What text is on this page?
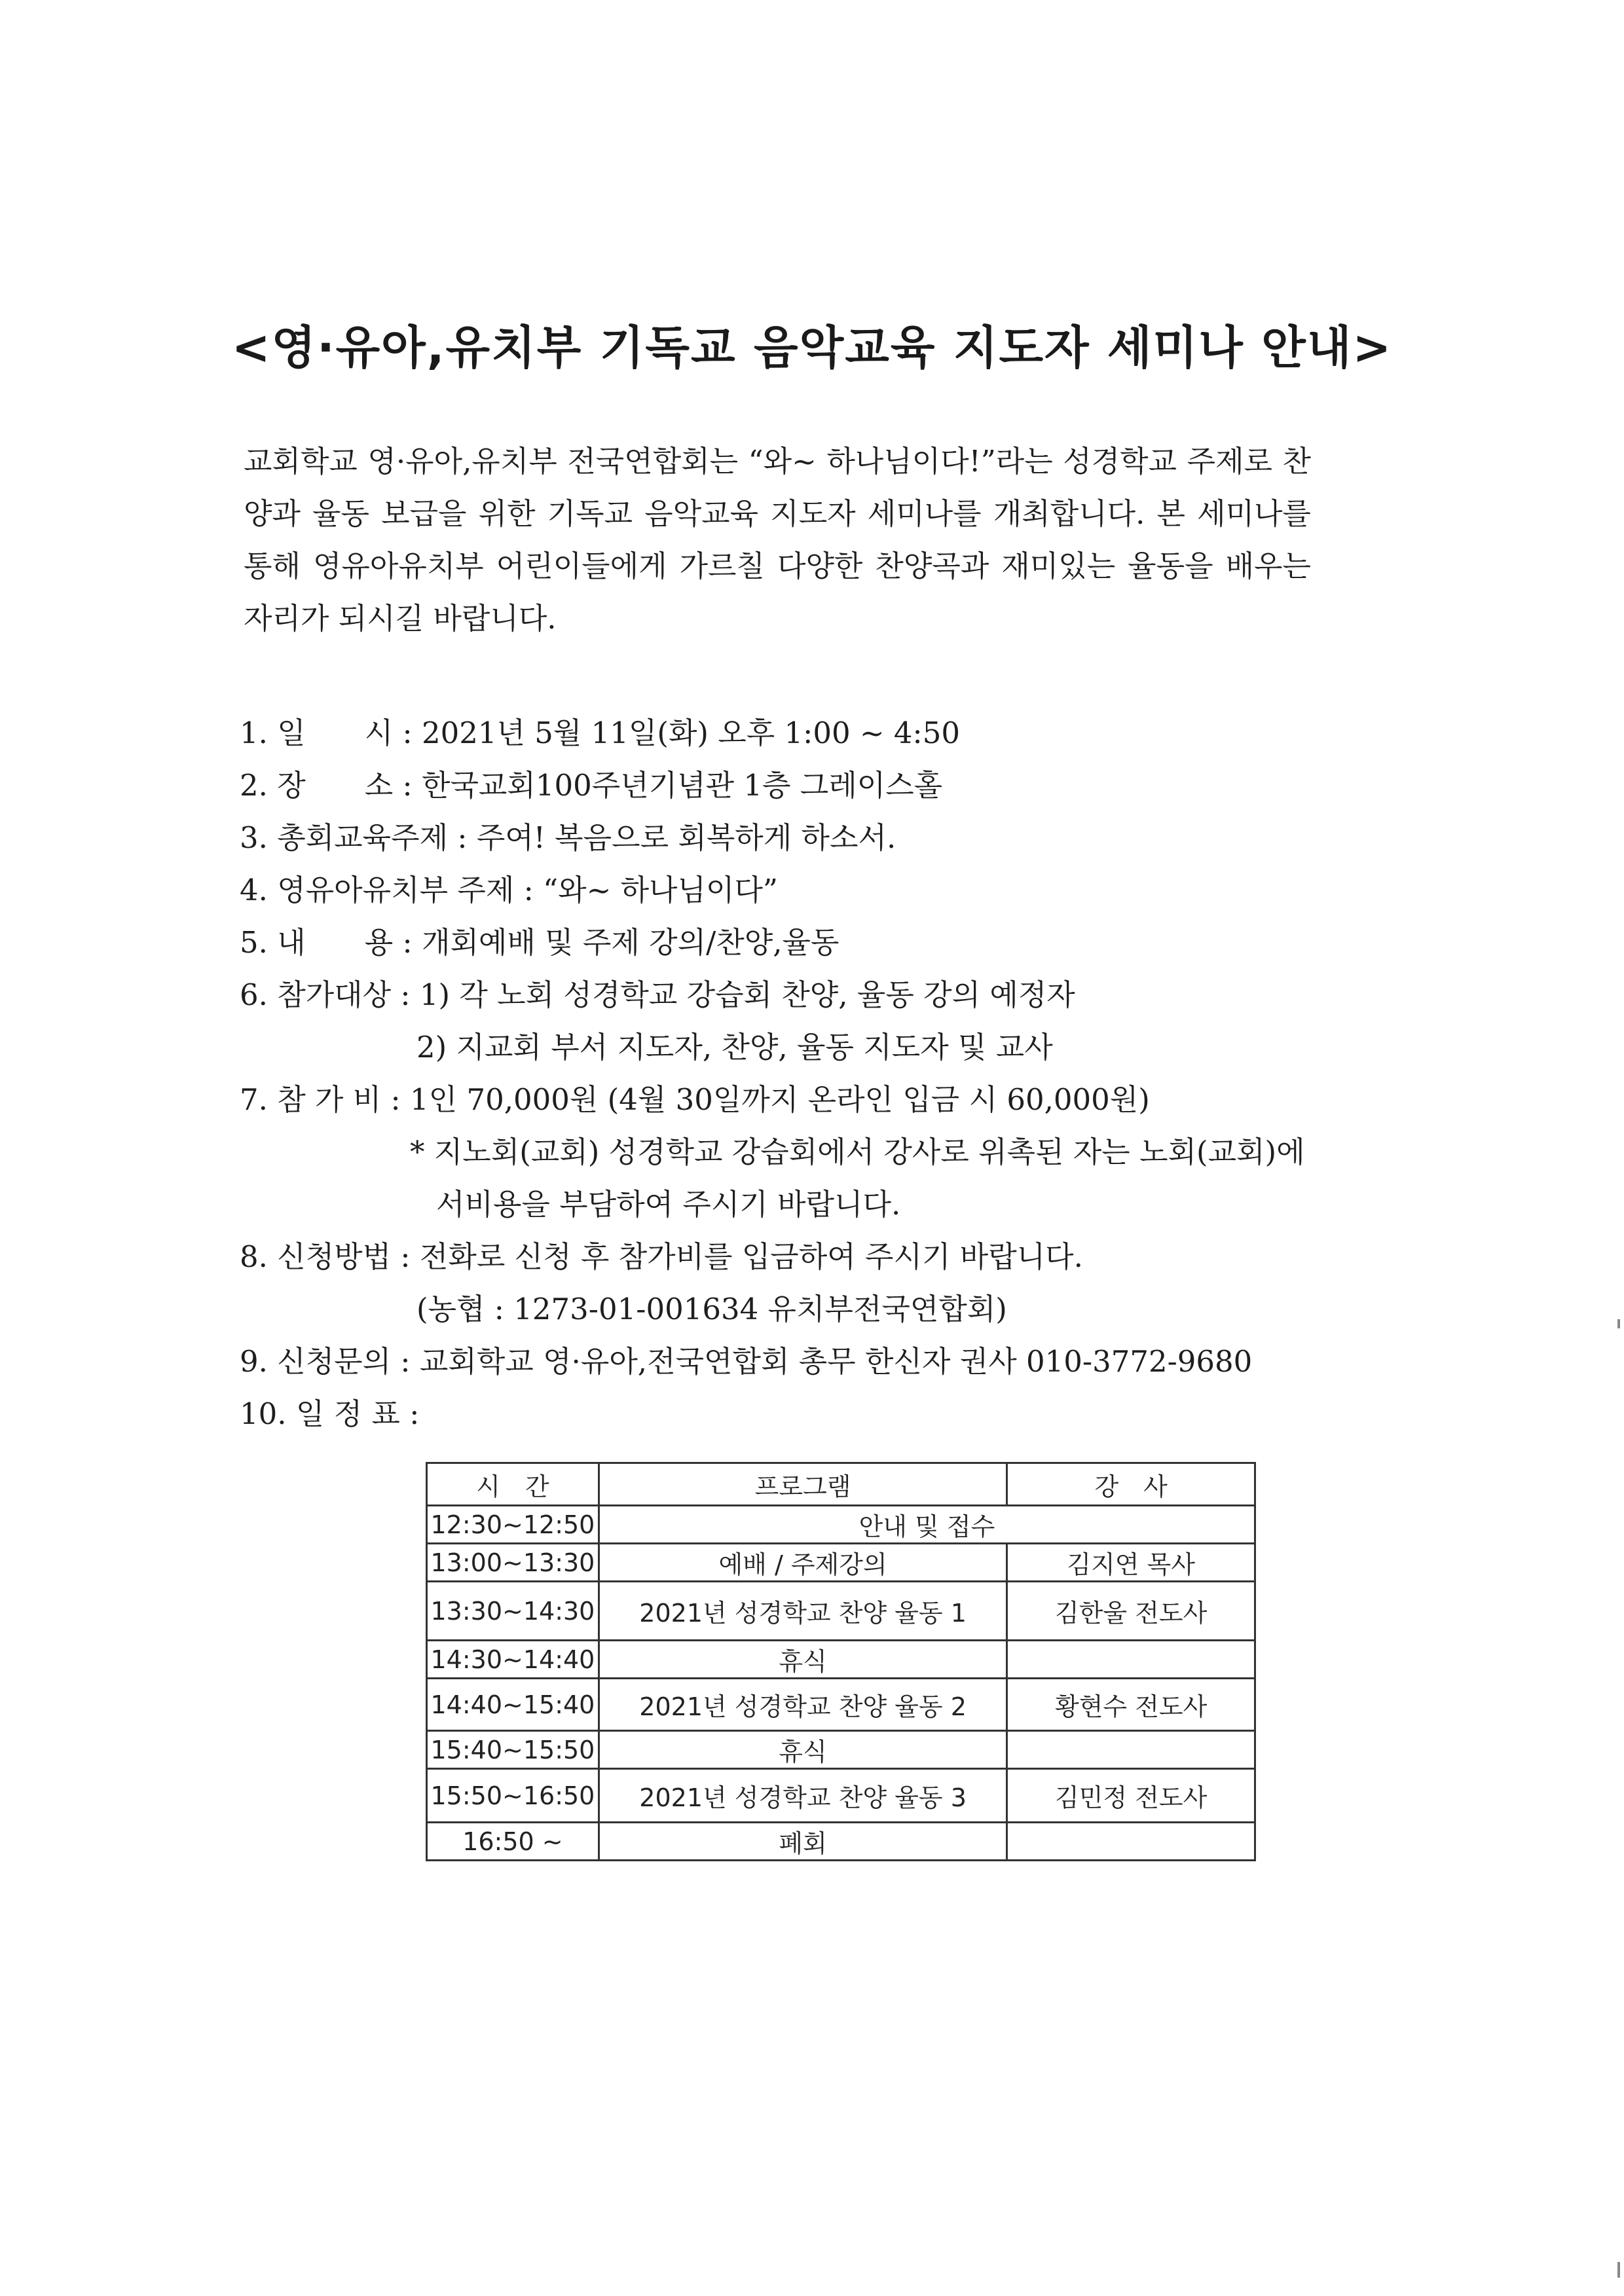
<영·유아,유치부 기독교 음악교육 지도자 세미나 안내>

교회학교 영·유아,유치부 전국연합회는 “와~ 하나님이다!”라는 성경학교 주제로 찬양과 율동 보급을 위한 기독교 음악교육 지도자 세미나를 개최합니다. 본 세미나를 통해 영유아유치부 어린이들에게 가르칠 다양한 찬양곡과 재미있는 율동을 배우는 자리가 되시길 바랍니다.

1. 일　　시 : 2021년 5월 11일(화) 오후 1:00 ~ 4:50
2. 장　　소 : 한국교회100주년기념관 1층 그레이스홀
3. 총회교육주제 : 주여! 복음으로 회복하게 하소서.
4. 영유아유치부 주제 : “와~ 하나님이다”
5. 내　　용 : 개회예배 및 주제 강의/찬양,율동
6. 참가대상 : 1) 각 노회 성경학교 강습회 찬양, 율동 강의 예정자
2) 지교회 부서 지도자, 찬양, 율동 지도자 및 교사
7. 참 가 비 : 1인 70,000원 (4월 30일까지 온라인 입금 시 60,000원)
* 지노회(교회) 성경학교 강습회에서 강사로 위촉된 자는 노회(교회)에
서비용을 부담하여 주시기 바랍니다.
8. 신청방법 : 전화로 신청 후 참가비를 입금하여 주시기 바랍니다.
(농협 : 1273-01-001634 유치부전국연합회)
9. 신청문의 : 교회학교 영·유아,전국연합회 총무 한신자 권사 010-3772-9680
10. 일 정 표 :
시　간	프로그램	강　사
12:30~12:50	안내 및 접수	
13:00~13:30	예배 / 주제강의	김지연 목사
13:30~14:30	2021년 성경학교 찬양 율동 1	김한울 전도사
14:30~14:40	휴식	
14:40~15:40	2021년 성경학교 찬양 율동 2	황현수 전도사
15:40~15:50	휴식	
15:50~16:50	2021년 성경학교 찬양 율동 3	김민정 전도사
16:50 ~	폐회	
